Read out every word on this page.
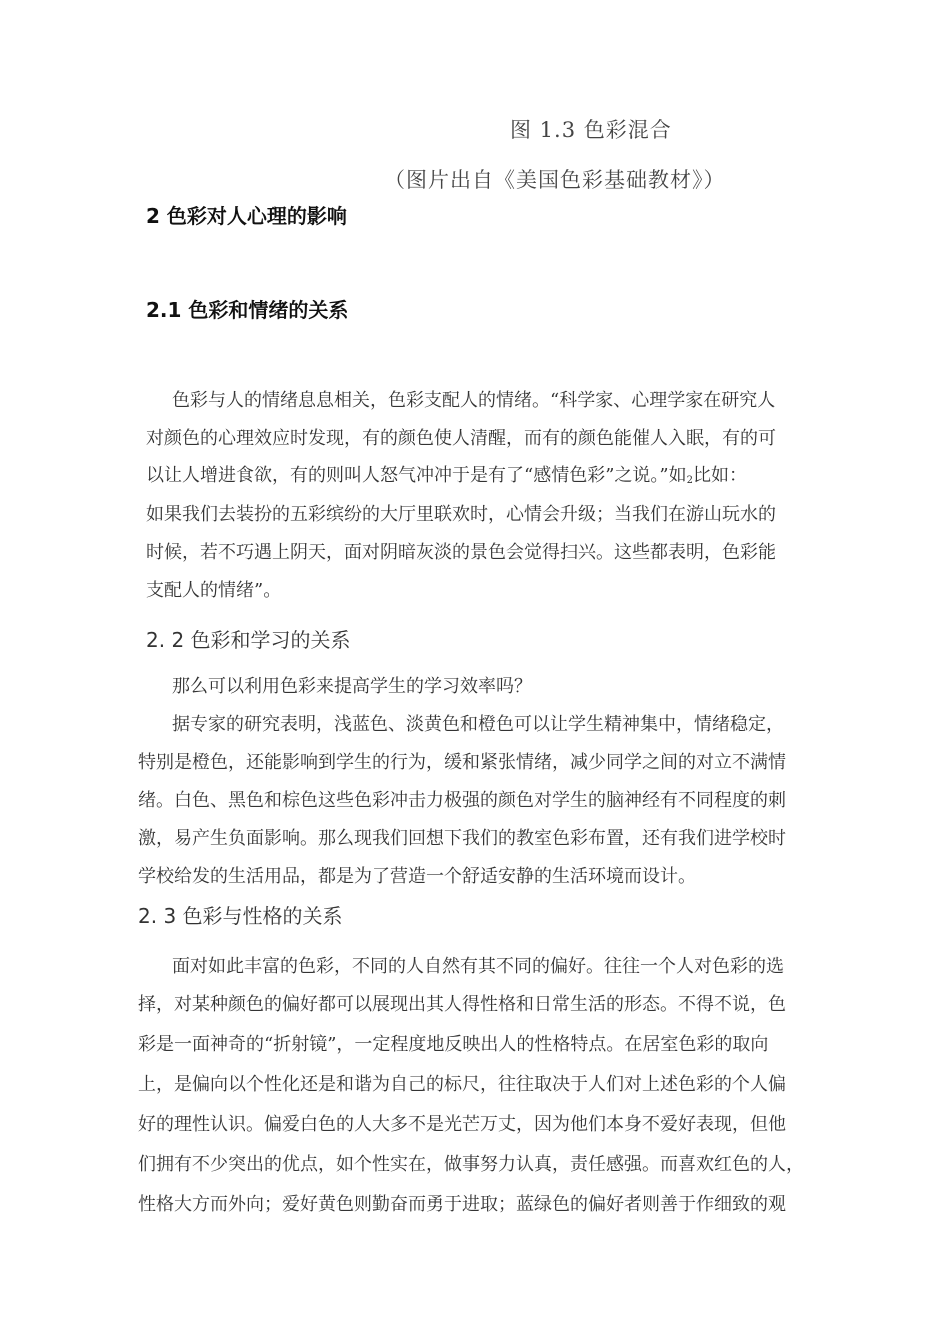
图 1.3 色彩混合
（图片出自《美国色彩基础教材》）
2 色彩对人心理的影响
2.1 色彩和情绪的关系
色彩与人的情绪息息相关，色彩支配人的情绪。“科学家、心理学家在研究人
对颜色的心理效应时发现，有的颜色使人清醒，而有的颜色能催人入眠，有的可
以让人增进食欲，有的则叫人怒气冲冲于是有了“感情色彩”之说。”如$^2$比如：
如果我们去装扮的五彩缤纷的大厅里联欢时，心情会升级；当我们在游山玩水的
时候，若不巧遇上阴天，面对阴暗灰淡的景色会觉得扫兴。这些都表明，色彩能
支配人的情绪”。
2. 2 色彩和学习的关系
那么可以利用色彩来提高学生的学习效率吗？
据专家的研究表明，浅蓝色、淡黄色和橙色可以让学生精神集中，情绪稳定，
特别是橙色，还能影响到学生的行为，缓和紧张情绪，减少同学之间的对立不满情
绪。白色、黑色和棕色这些色彩冲击力极强的颜色对学生的脑神经有不同程度的刺
激，易产生负面影响。那么现我们回想下我们的教室色彩布置，还有我们进学校时
学校给发的生活用品，都是为了营造一个舒适安静的生活环境而设计。
2. 3 色彩与性格的关系
面对如此丰富的色彩，不同的人自然有其不同的偏好。往往一个人对色彩的选
择，对某种颜色的偏好都可以展现出其人得性格和日常生活的形态。不得不说，色
彩是一面神奇的“折射镜”，一定程度地反映出人的性格特点。在居室色彩的取向
上，是偏向以个性化还是和谐为自己的标尺，往往取决于人们对上述色彩的个人偏
好的理性认识。偏爱白色的人大多不是光芒万丈，因为他们本身不爱好表现，但他
们拥有不少突出的优点，如个性实在，做事努力认真，责任感强。而喜欢红色的人，
性格大方而外向；爱好黄色则勤奋而勇于进取；蓝绿色的偏好者则善于作细致的观
